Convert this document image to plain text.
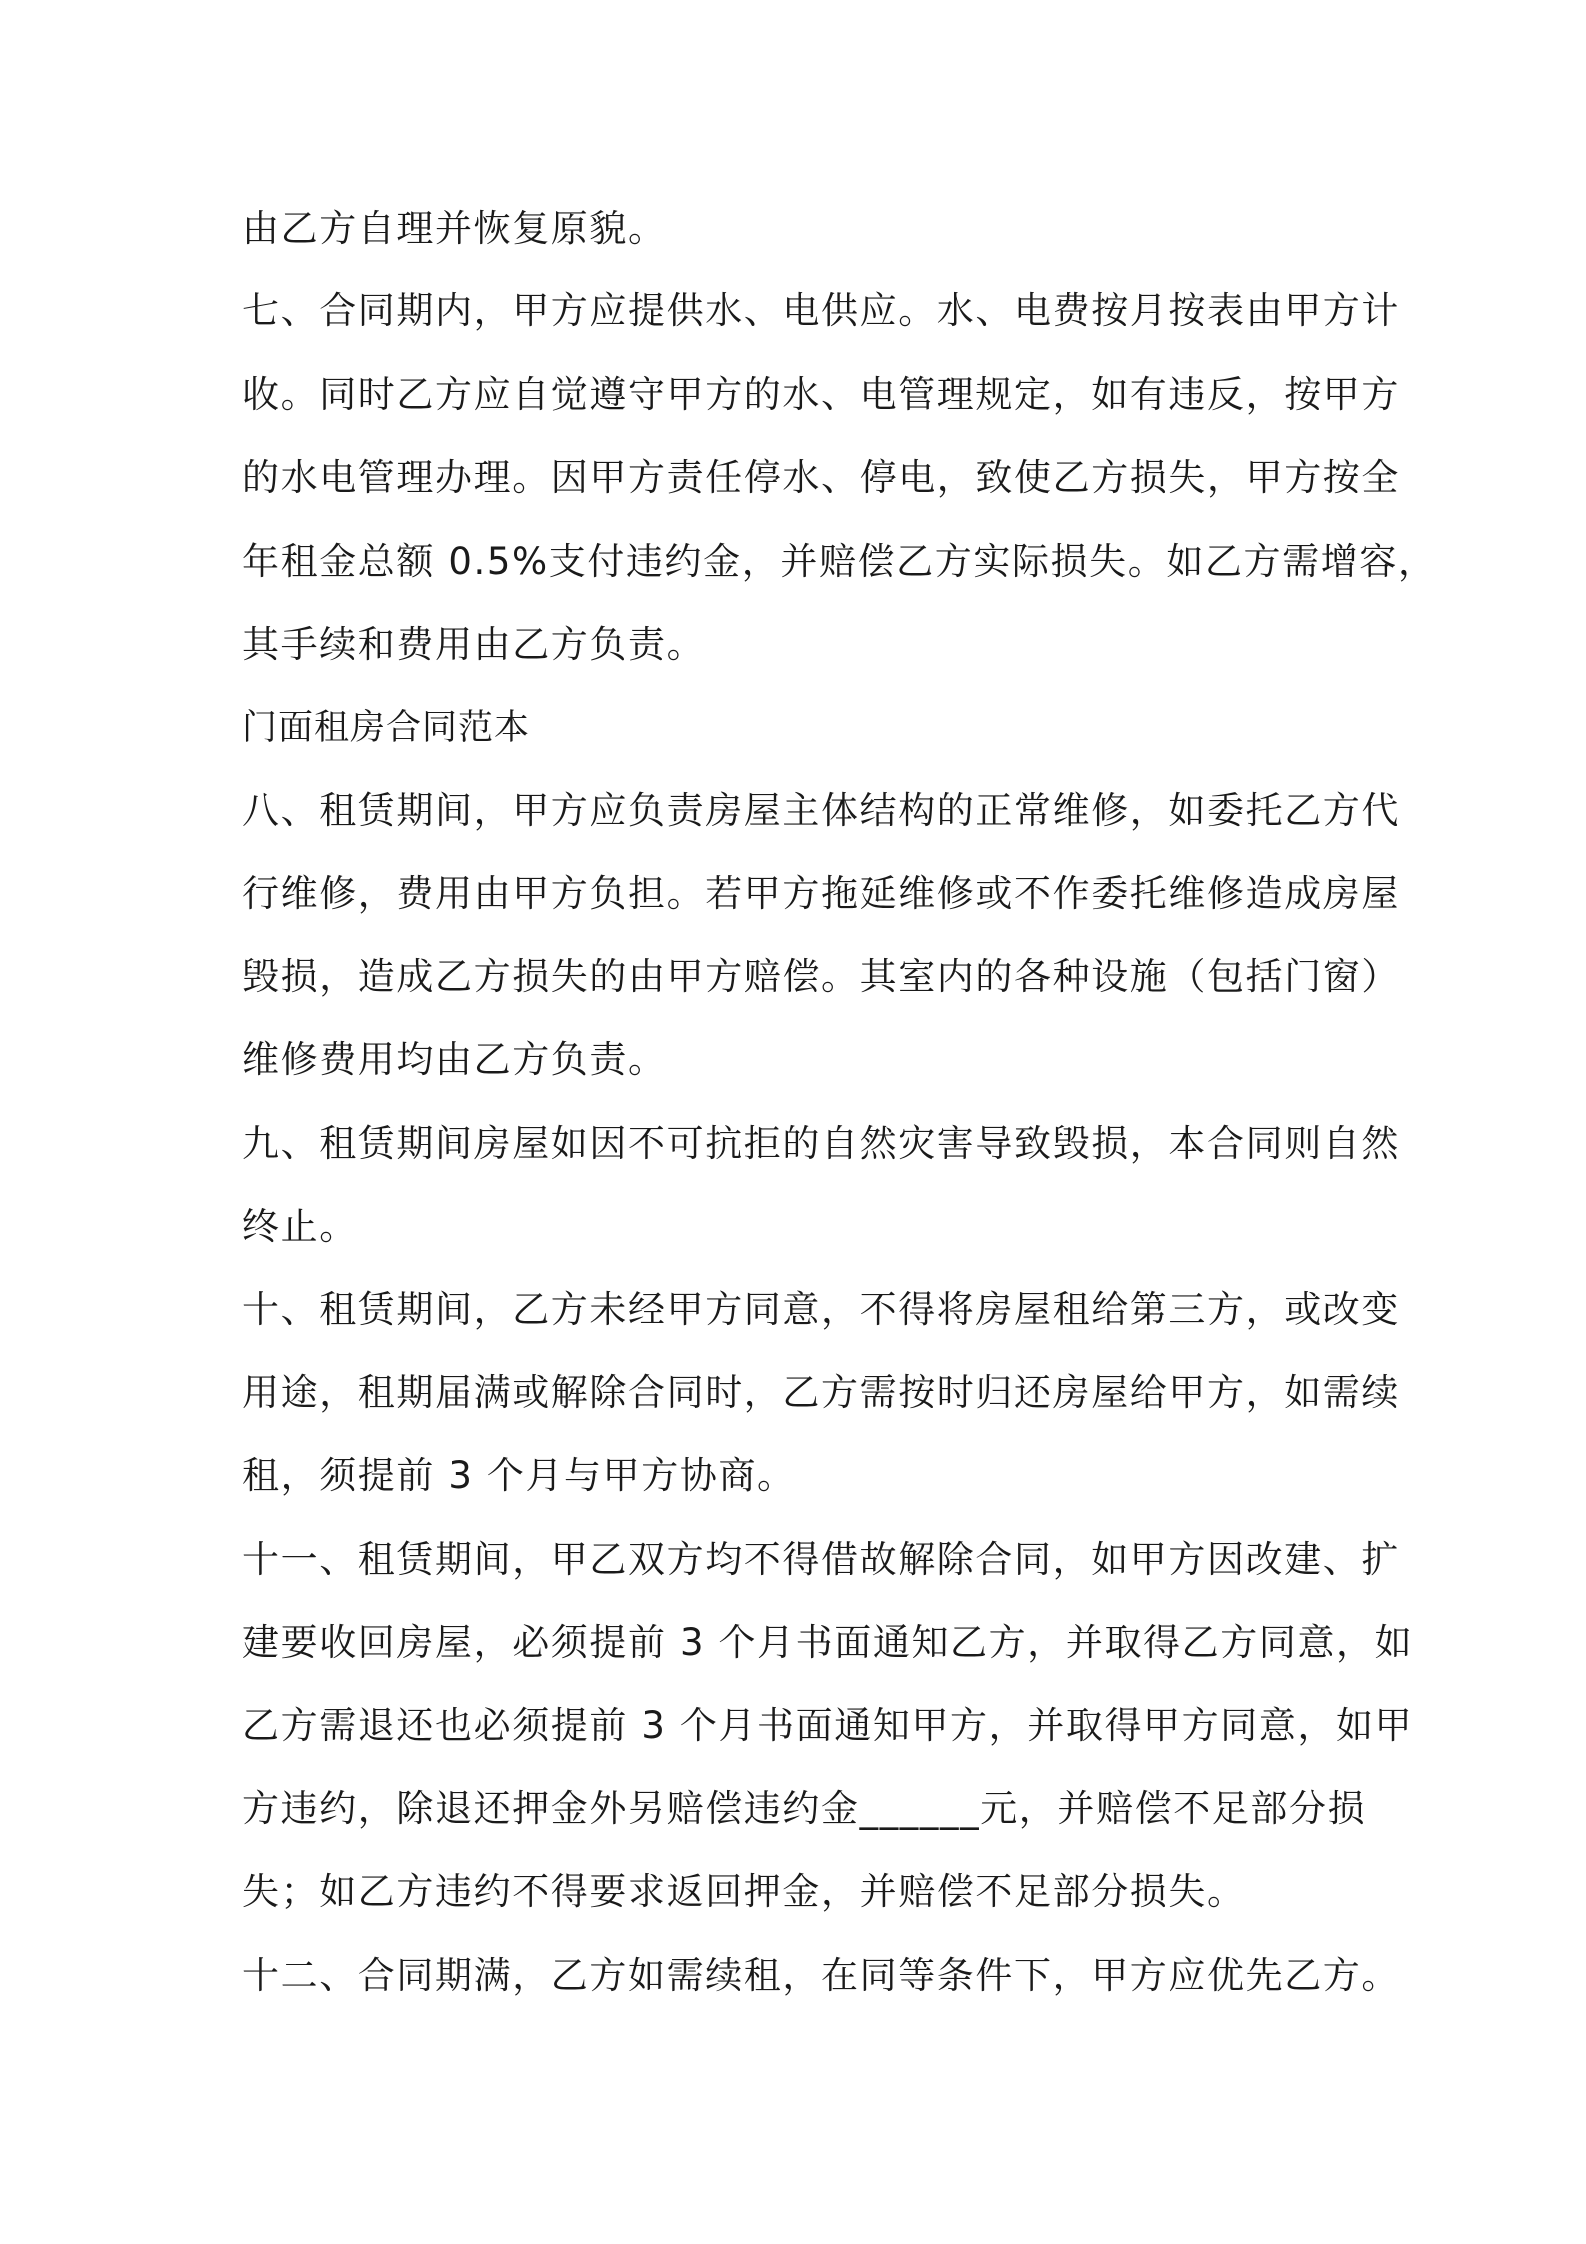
由乙方自理并恢复原貌。
七、合同期内，甲方应提供水、电供应。水、电费按月按表由甲方计
收。同时乙方应自觉遵守甲方的水、电管理规定，如有违反，按甲方
的水电管理办理。因甲方责任停水、停电，致使乙方损失，甲方按全
年租金总额 0.5%支付违约金，并赔偿乙方实际损失。如乙方需增容，
其手续和费用由乙方负责。
门面租房合同范本
八、租赁期间，甲方应负责房屋主体结构的正常维修，如委托乙方代
行维修，费用由甲方负担。若甲方拖延维修或不作委托维修造成房屋
毁损，造成乙方损失的由甲方赔偿。其室内的各种设施（包括门窗）
维修费用均由乙方负责。
九、租赁期间房屋如因不可抗拒的自然灾害导致毁损，本合同则自然
终止。
十、租赁期间，乙方未经甲方同意，不得将房屋租给第三方，或改变
用途，租期届满或解除合同时，乙方需按时归还房屋给甲方，如需续
租，须提前 3 个月与甲方协商。
十一、租赁期间，甲乙双方均不得借故解除合同，如甲方因改建、扩
建要收回房屋，必须提前 3 个月书面通知乙方，并取得乙方同意，如
乙方需退还也必须提前 3 个月书面通知甲方，并取得甲方同意，如甲
方违约，除退还押金外另赔偿违约金______元，并赔偿不足部分损
失；如乙方违约不得要求返回押金，并赔偿不足部分损失。
十二、合同期满，乙方如需续租，在同等条件下，甲方应优先乙方。
